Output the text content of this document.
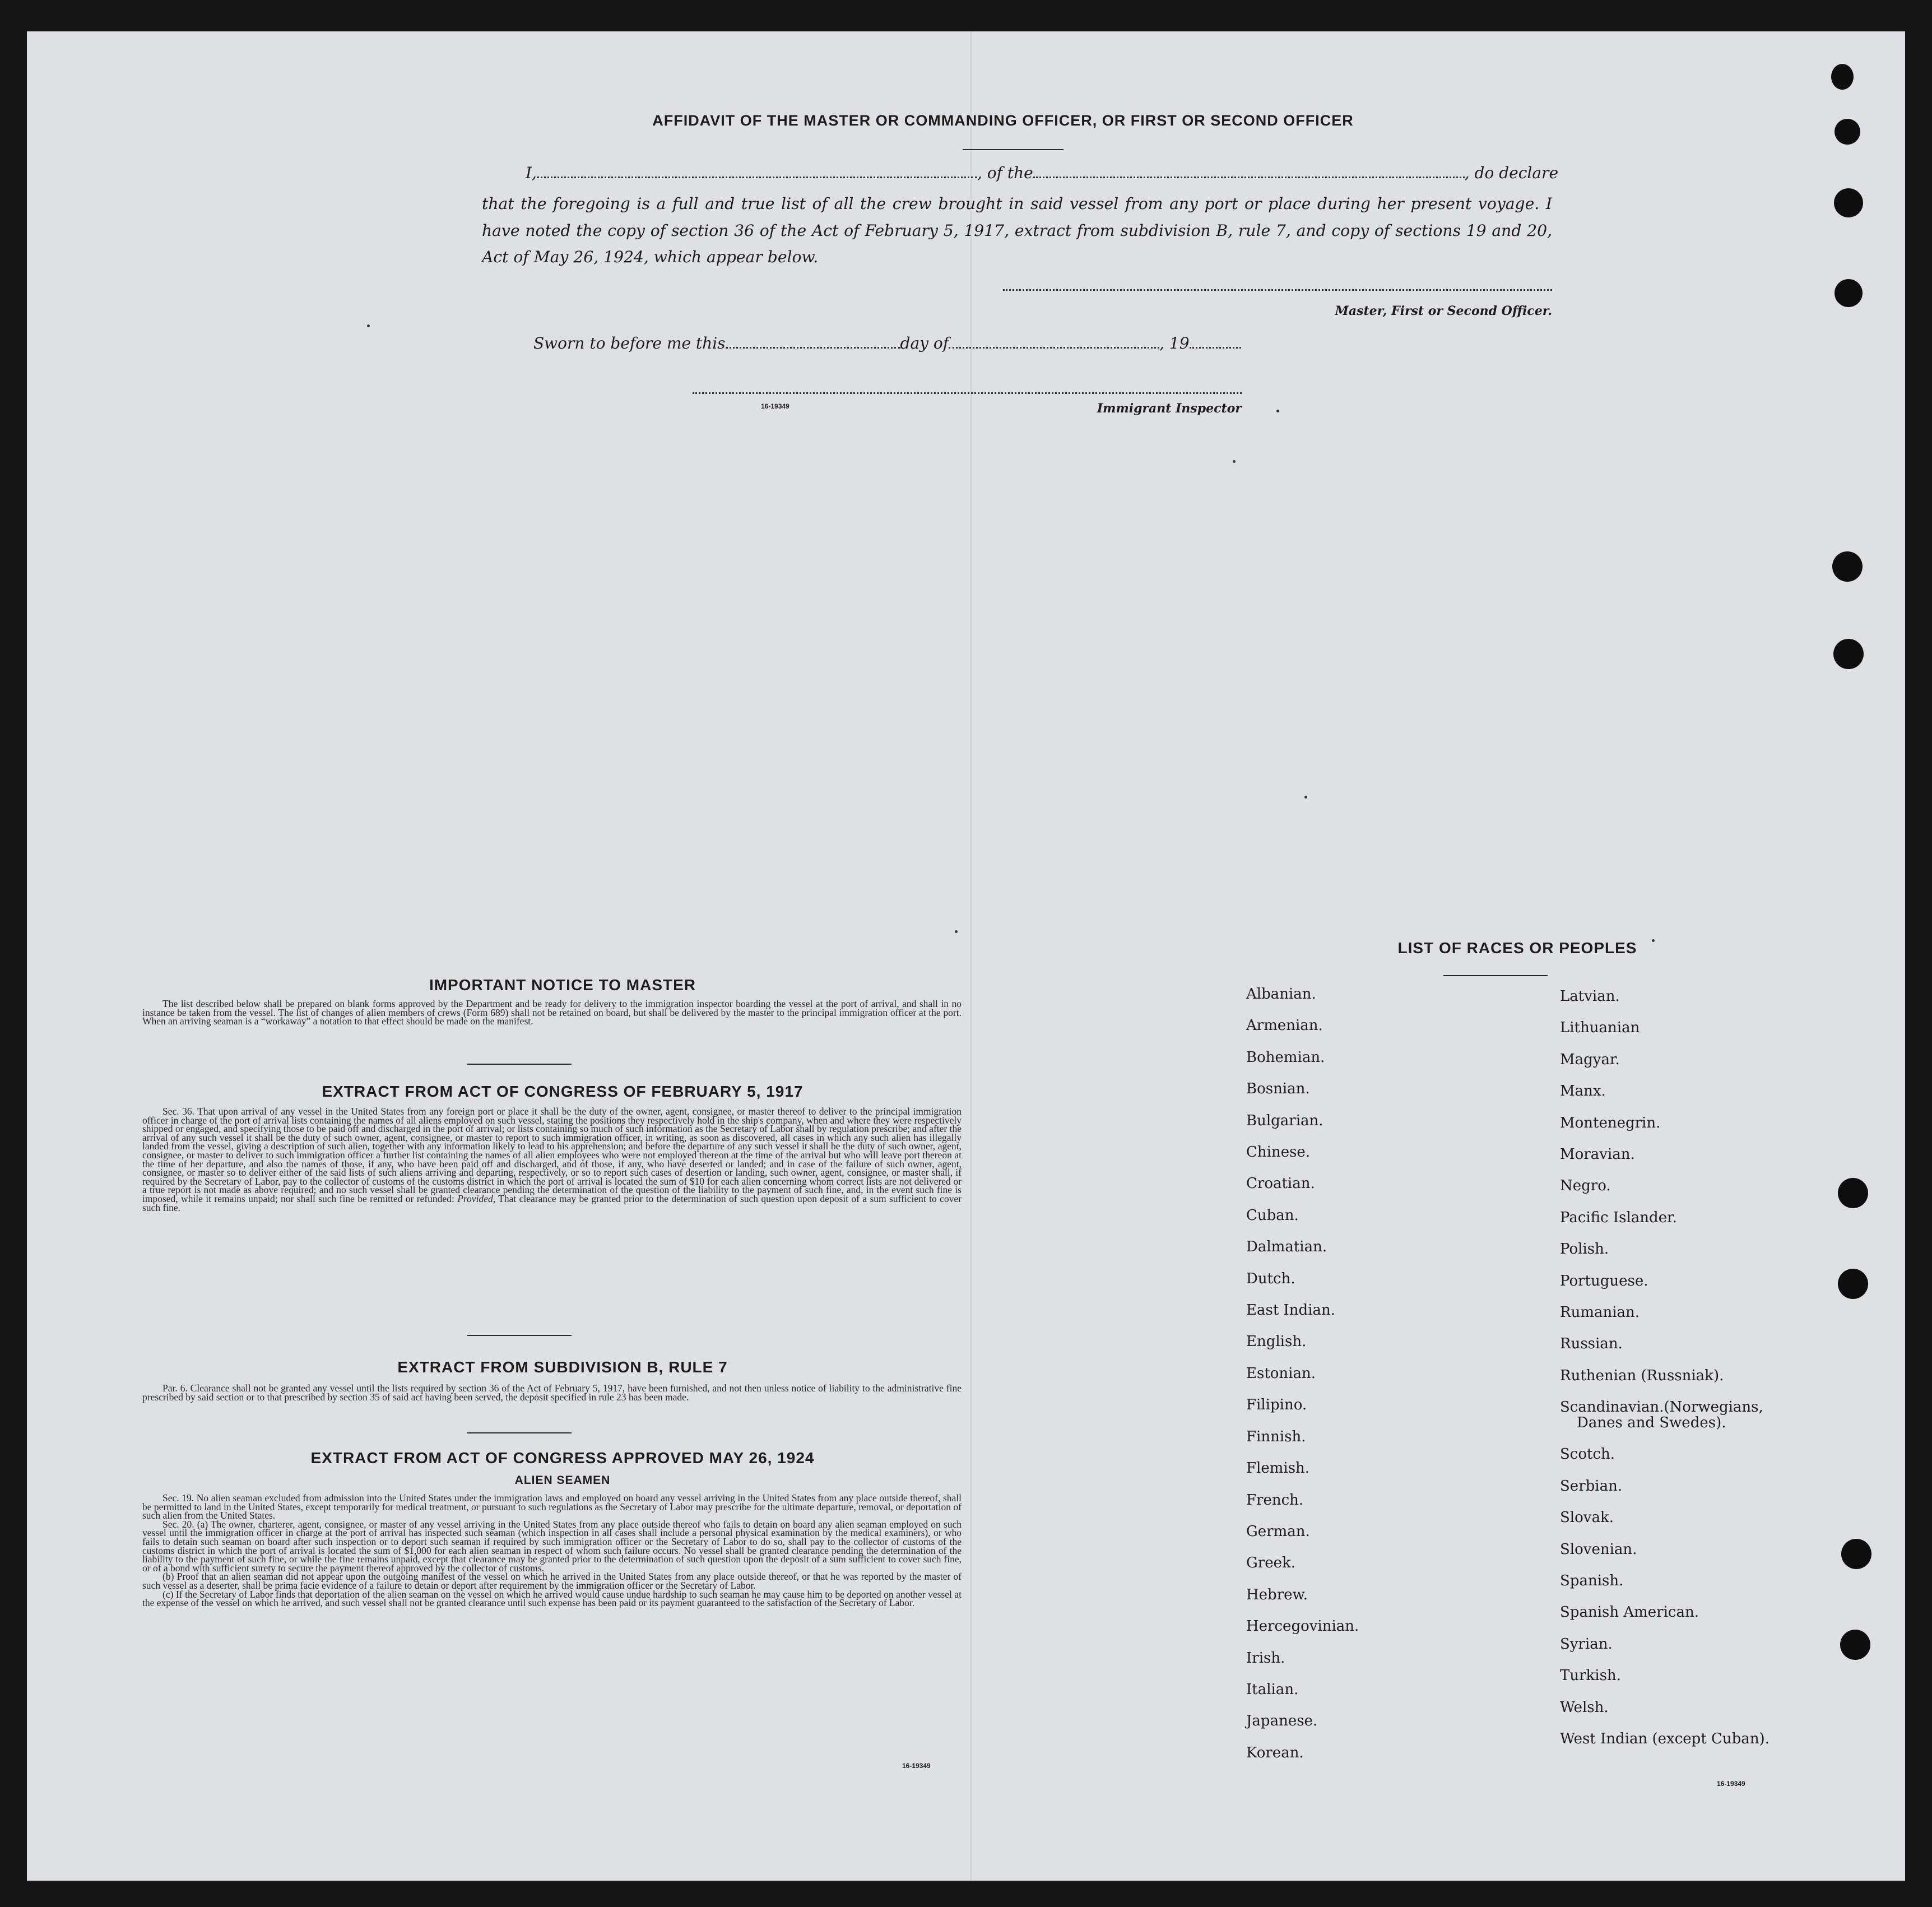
AFFIDAVIT OF THE MASTER OR COMMANDING OFFICER, OR FIRST OR SECOND OFFICER
I,	, of the	, do declare
that the foregoing is a full and true list of all the crew brought in said vessel from any port or place during her present voyage. I have noted the copy of section 36 of the Act of February 5, 1917, extract from subdivision B, rule 7, and copy of sections 19 and 20, Act of May 26, 1924, which appear below.
Master, First or Second Officer.
Sworn to before me this	day of	, 19
16-19349	Immigrant Inspector
IMPORTANT NOTICE TO MASTER

The list described below shall be prepared on blank forms approved by the Department and be ready for delivery to the immigration inspector boarding the vessel at the port of arrival, and shall in no instance be taken from the vessel. The list of changes of alien members of crews (Form 689) shall not be retained on board, but shall be delivered by the master to the principal immigration officer at the port. When an arriving seaman is a “workaway” a notation to that effect should be made on the manifest.

EXTRACT FROM ACT OF CONGRESS OF FEBRUARY 5, 1917

Sec. 36. That upon arrival of any vessel in the United States from any foreign port or place it shall be the duty of the owner, agent, consignee, or master thereof to deliver to the principal immigration officer in charge of the port of arrival lists containing the names of all aliens employed on such vessel, stating the positions they respectively hold in the ship's company, when and where they were respectively shipped or engaged, and specifying those to be paid off and discharged in the port of arrival; or lists containing so much of such information as the Secretary of Labor shall by regulation prescribe; and after the arrival of any such vessel it shall be the duty of such owner, agent, consignee, or master to report to such immigration officer, in writing, as soon as discovered, all cases in which any such alien has illegally landed from the vessel, giving a description of such alien, together with any information likely to lead to his apprehension; and before the departure of any such vessel it shall be the duty of such owner, agent, consignee, or master to deliver to such immigration officer a further list containing the names of all alien employees who were not employed thereon at the time of the arrival but who will leave port thereon at the time of her departure, and also the names of those, if any, who have been paid off and discharged, and of those, if any, who have deserted or landed; and in case of the failure of such owner, agent, consignee, or master so to deliver either of the said lists of such aliens arriving and departing, respectively, or so to report such cases of desertion or landing, such owner, agent, consignee, or master shall, if required by the Secretary of Labor, pay to the collector of customs of the customs district in which the port of arrival is located the sum of $10 for each alien concerning whom correct lists are not delivered or a true report is not made as above required; and no such vessel shall be granted clearance pending the determination of the question of the liability to the payment of such fine, and, in the event such fine is imposed, while it remains unpaid; nor shall such fine be remitted or refunded: Provided, That clearance may be granted prior to the determination of such question upon deposit of a sum sufficient to cover such fine.

EXTRACT FROM SUBDIVISION B, RULE 7

Par. 6. Clearance shall not be granted any vessel until the lists required by section 36 of the Act of February 5, 1917, have been furnished, and not then unless notice of liability to the administrative fine prescribed by said section or to that prescribed by section 35 of said act having been served, the deposit specified in rule 23 has been made.

EXTRACT FROM ACT OF CONGRESS APPROVED MAY 26, 1924
ALIEN SEAMEN

Sec. 19. No alien seaman excluded from admission into the United States under the immigration laws and employed on board any vessel arriving in the United States from any place outside thereof, shall be permitted to land in the United States, except temporarily for medical treatment, or pursuant to such regulations as the Secretary of Labor may prescribe for the ultimate departure, removal, or deportation of such alien from the United States.

Sec. 20. (a) The owner, charterer, agent, consignee, or master of any vessel arriving in the United States from any place outside thereof who fails to detain on board any alien seaman employed on such vessel until the immigration officer in charge at the port of arrival has inspected such seaman (which inspection in all cases shall include a personal physical examination by the medical examiners), or who fails to detain such seaman on board after such inspection or to deport such seaman if required by such immigration officer or the Secretary of Labor to do so, shall pay to the collector of customs of the customs district in which the port of arrival is located the sum of $1,000 for each alien seaman in respect of whom such failure occurs. No vessel shall be granted clearance pending the determination of the liability to the payment of such fine, or while the fine remains unpaid, except that clearance may be granted prior to the determination of such question upon the deposit of a sum sufficient to cover such fine, or of a bond with sufficient surety to secure the payment thereof approved by the collector of customs.

(b) Proof that an alien seaman did not appear upon the outgoing manifest of the vessel on which he arrived in the United States from any place outside thereof, or that he was reported by the master of such vessel as a deserter, shall be prima facie evidence of a failure to detain or deport after requirement by the immigration officer or the Secretary of Labor.

(c) If the Secretary of Labor finds that deportation of the alien seaman on the vessel on which he arrived would cause undue hardship to such seaman he may cause him to be deported on another vessel at the expense of the vessel on which he arrived, and such vessel shall not be granted clearance until such expense has been paid or its payment guaranteed to the satisfaction of the Secretary of Labor.

16-19349
LIST OF RACES OR PEOPLES
Albanian.
Armenian.
Bohemian.
Bosnian.
Bulgarian.
Chinese.
Croatian.
Cuban.
Dalmatian.
Dutch.
East Indian.
English.
Estonian.
Filipino.
Finnish.
Flemish.
French.
German.
Greek.
Hebrew.
Hercegovinian.
Irish.
Italian.
Japanese.
Korean.
Latvian.
Lithuanian
Magyar.
Manx.
Montenegrin.
Moravian.
Negro.
Pacific Islander.
Polish.
Portuguese.
Rumanian.
Russian.
Ruthenian (Russniak).
Scandinavian.(Norwegians,
Danes and Swedes).
Scotch.
Serbian.
Slovak.
Slovenian.
Spanish.
Spanish American.
Syrian.
Turkish.
Welsh.
West Indian (except Cuban).
16-19349
